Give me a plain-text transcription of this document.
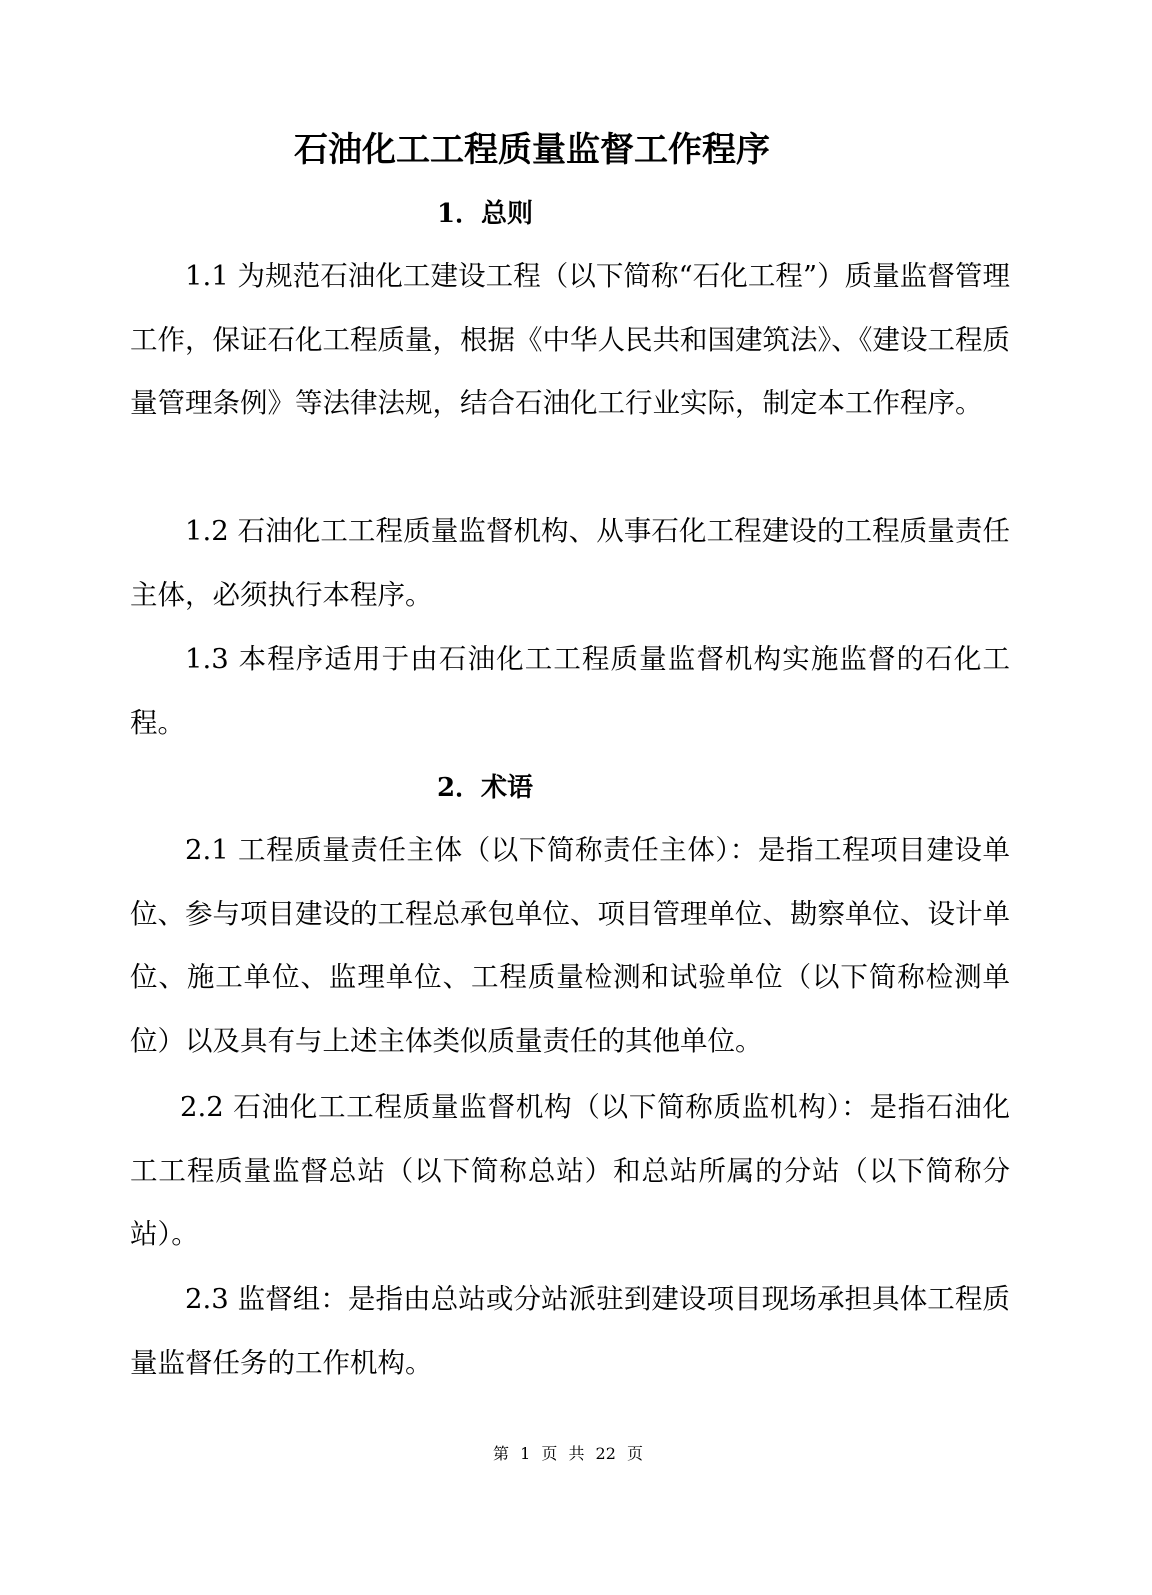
石油化工工程质量监督工作程序
1．总则

1.1 为规范石油化工建设工程（以下简称“石化工程”）质量监督管理工作，保证石化工程质量，根据《中华人民共和国建筑法》、《建设工程质量管理条例》等法律法规，结合石油化工行业实际，制定本工作程序。

1.2 石油化工工程质量监督机构、从事石化工程建设的工程质量责任主体，必须执行本程序。

1.3 本程序适用于由石油化工工程质量监督机构实施监督的石化工程。

2．术语

2.1 工程质量责任主体（以下简称责任主体）：是指工程项目建设单位、参与项目建设的工程总承包单位、项目管理单位、勘察单位、设计单位、施工单位、监理单位、工程质量检测和试验单位（以下简称检测单位）以及具有与上述主体类似质量责任的其他单位。

2.2 石油化工工程质量监督机构（以下简称质监机构）：是指石油化工工程质量监督总站（以下简称总站）和总站所属的分站（以下简称分站）。

2.3 监督组：是指由总站或分站派驻到建设项目现场承担具体工程质量监督任务的工作机构。

第 1 页 共 22 页
